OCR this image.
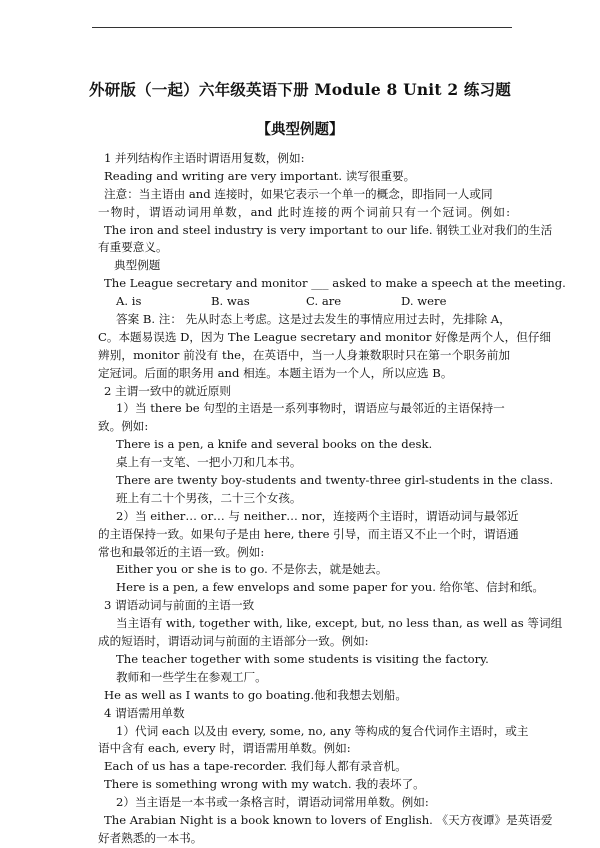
外研版（一起）六年级英语下册 Module 8 Unit 2 练习题
【典型例题】
1 并列结构作主语时谓语用复数，例如:
Reading and writing are very important. 读写很重要。
注意：当主语由 and 连接时，如果它表示一个单一的概念，即指同一人或同
一物时，谓语动词用单数，and 此时连接的两个词前只有一个冠词。例如:
The iron and steel industry is very important to our life. 钢铁工业对我们的生活
有重要意义。
典型例题
The League secretary and monitor ___ asked to make a speech at the meeting.
A. is	B. was	C. are	D. were
答案 B. 注： 先从时态上考虑。这是过去发生的事情应用过去时，先排除 A，
C。本题易误选 D，因为 The League secretary and monitor 好像是两个人，但仔细
辨别，monitor 前没有 the，在英语中，当一人身兼数职时只在第一个职务前加
定冠词。后面的职务用 and 相连。本题主语为一个人，所以应选 B。
2 主谓一致中的就近原则
1）当 there be 句型的主语是一系列事物时，谓语应与最邻近的主语保持一
致。例如:
There is a pen, a knife and several books on the desk.
桌上有一支笔、一把小刀和几本书。
There are twenty boy-students and twenty-three girl-students in the class.
班上有二十个男孩，二十三个女孩。
2）当 either… or… 与 neither… nor，连接两个主语时，谓语动词与最邻近
的主语保持一致。如果句子是由 here, there 引导，而主语又不止一个时，谓语通
常也和最邻近的主语一致。例如:
Either you or she is to go. 不是你去，就是她去。
Here is a pen, a few envelops and some paper for you. 给你笔、信封和纸。
3 谓语动词与前面的主语一致
当主语有 with, together with, like, except, but, no less than, as well as 等词组
成的短语时，谓语动词与前面的主语部分一致。例如:
The teacher together with some students is visiting the factory.
教师和一些学生在参观工厂。
He as well as I wants to go boating.他和我想去划船。
4 谓语需用单数
1）代词 each 以及由 every, some, no, any 等构成的复合代词作主语时，或主
语中含有 each, every 时，谓语需用单数。例如:
Each of us has a tape-recorder. 我们每人都有录音机。
There is something wrong with my watch. 我的表坏了。
2）当主语是一本书或一条格言时，谓语动词常用单数。例如:
The Arabian Night is a book known to lovers of English. 《天方夜谭》是英语爱
好者熟悉的一本书。
